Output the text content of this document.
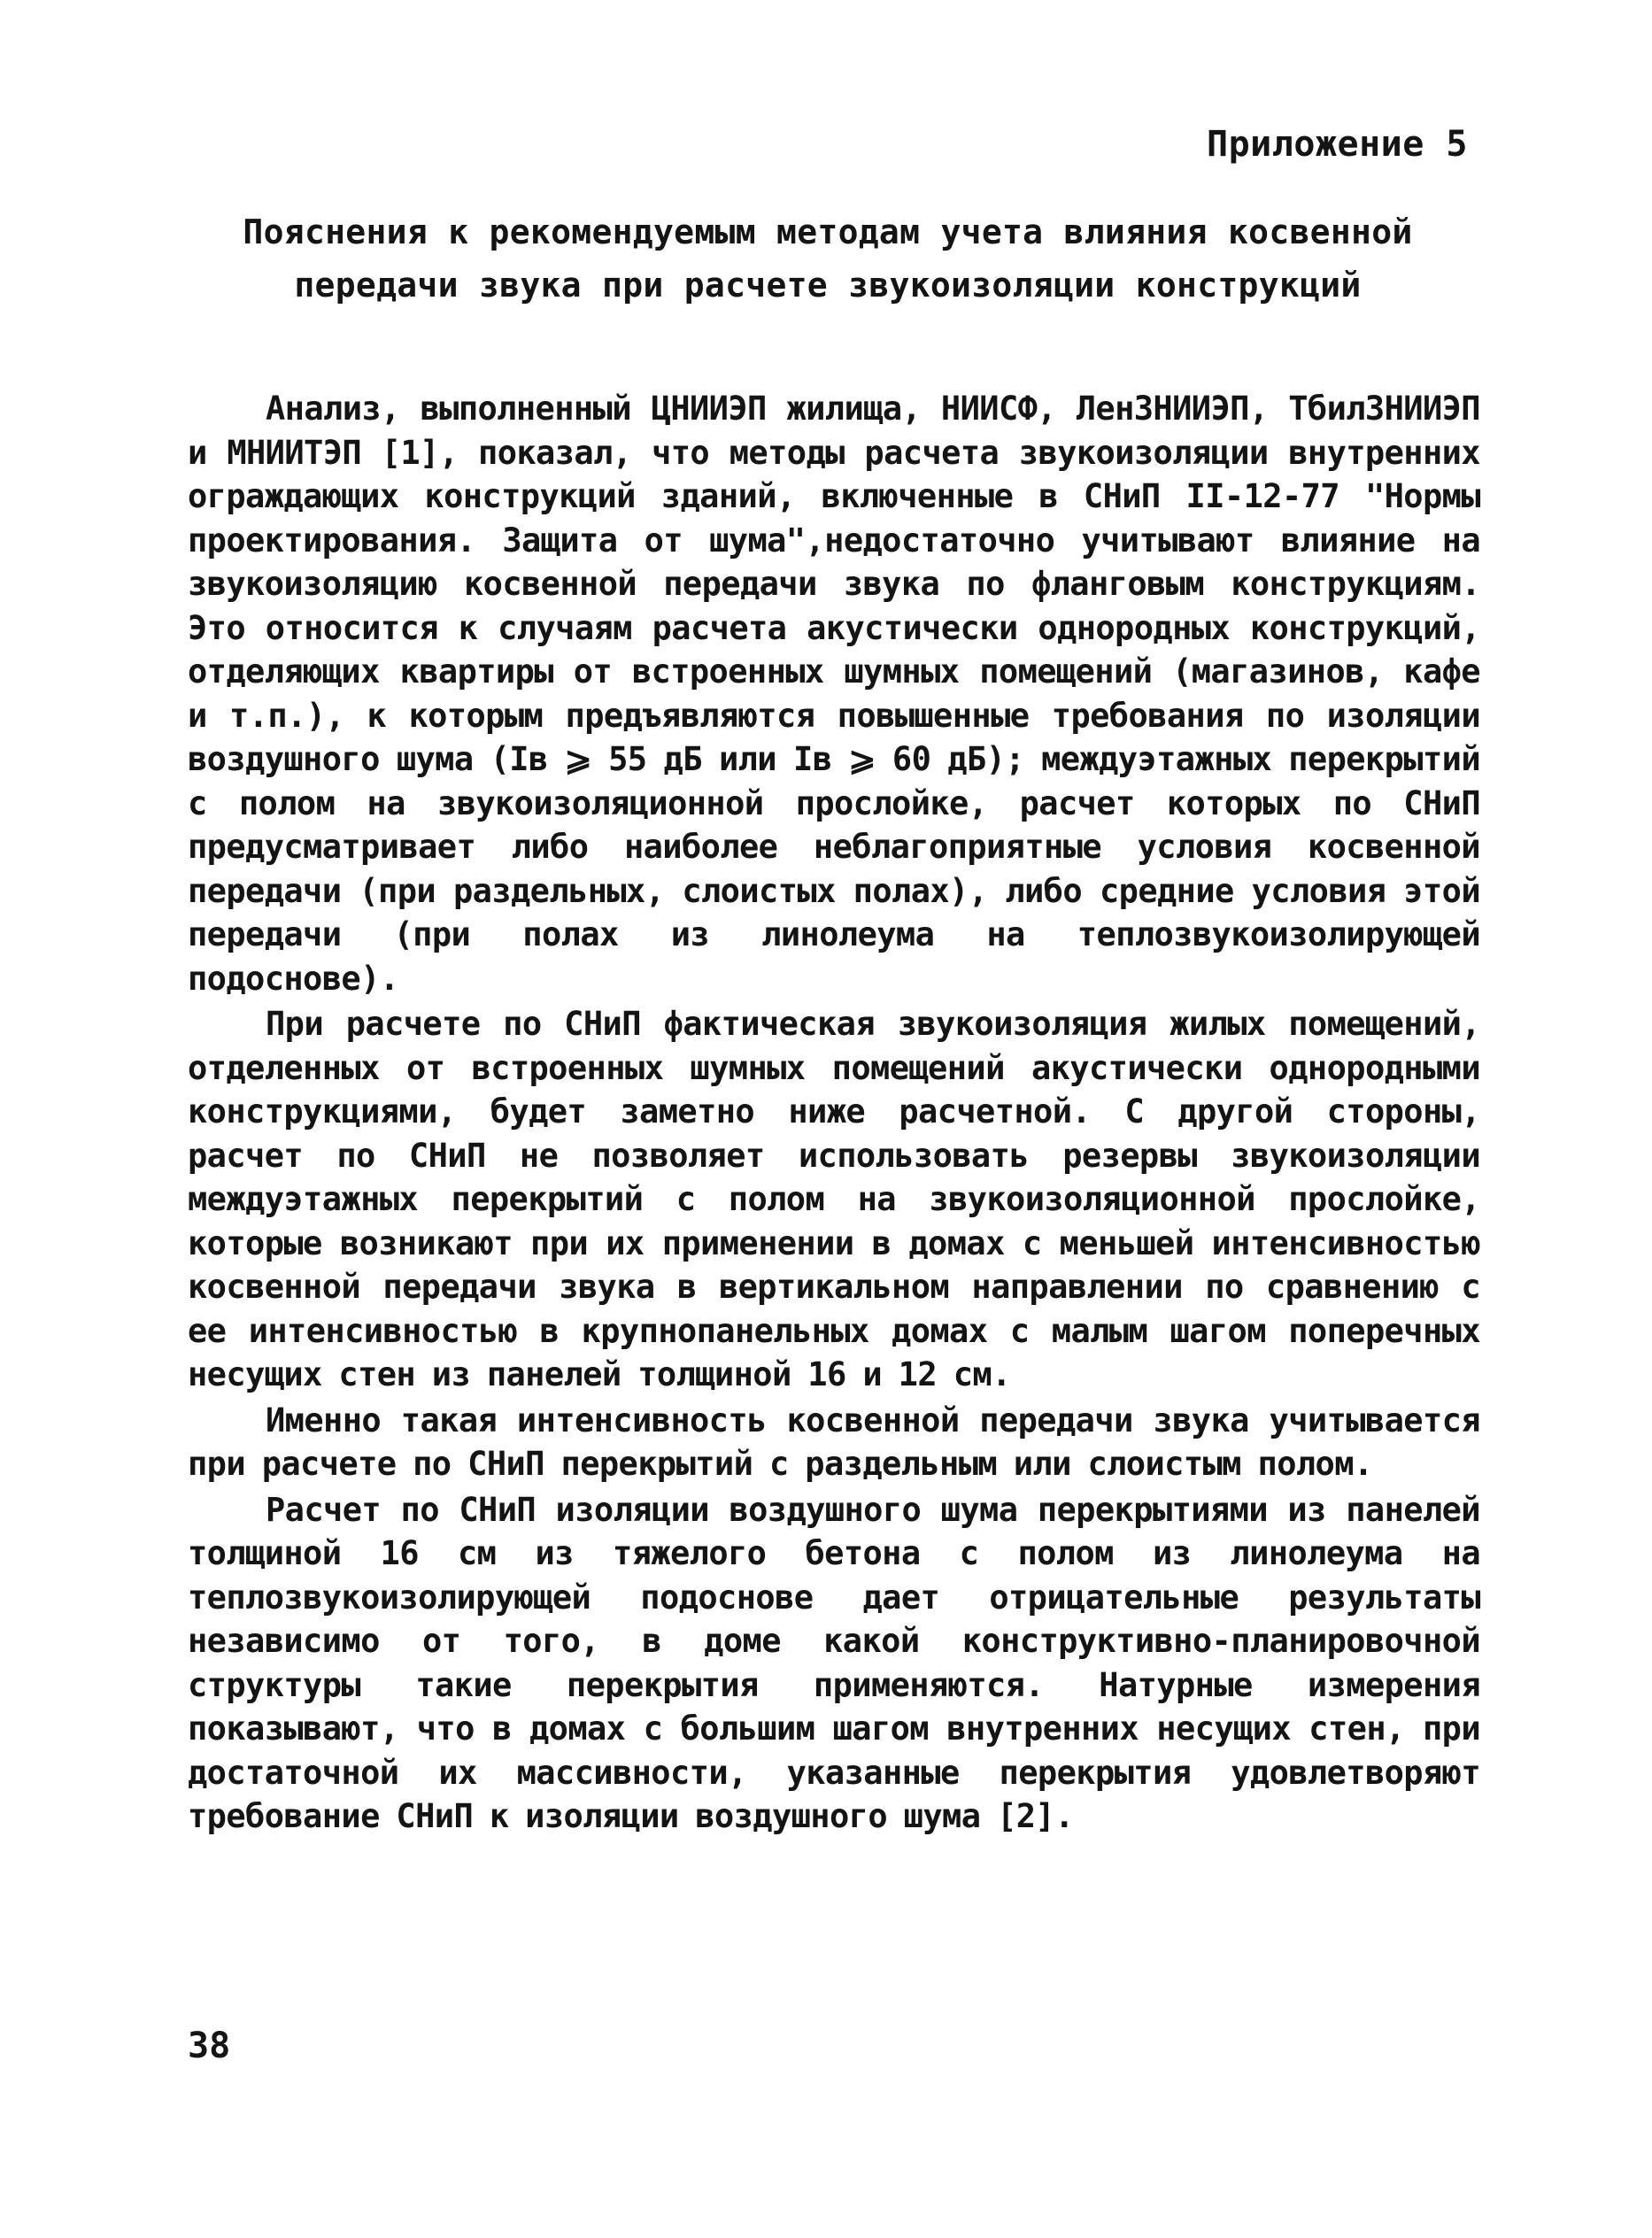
Приложение 5
Пояснения к рекомендуемым методам учета влияния косвенной
передачи звука при расчете звукоизоляции конструкций

Анализ, выполненный ЦНИИЭП жилища, НИИСФ, ЛенЗНИИЭП, ТбилЗНИИЭП и МНИИТЭП [1], показал, что методы расчета звукоизоляции внутренних ограждающих конструкций зданий, включенные в СНиП II-12-77 "Нормы проектирования. Защита от шума",недостаточно учитывают влияние на звукоизоляцию косвенной передачи звука по фланговым конструкциям. Это относится к случаям расчета акустически однородных конструкций, отделяющих квартиры от встроенных шумных помещений (магазинов, кафе и т.п.), к которым предъявляются повышенные требования по изоляции воздушного шума (Iв ⩾ 55 дБ или Iв ⩾ 60 дБ); междуэтажных перекрытий с полом на звукоизоляционной прослойке, расчет которых по СНиП предусматривает либо наиболее неблагоприятные условия косвенной передачи (при раздельных, слоистых полах), либо средние условия этой передачи (при полах из линолеума на теплозвукоизолирующей подоснове).

При расчете по СНиП фактическая звукоизоляция жилых помещений, отделенных от встроенных шумных помещений акустически однородными конструкциями, будет заметно ниже расчетной. С другой стороны, расчет по СНиП не позволяет использовать резервы звукоизоляции междуэтажных перекрытий с полом на звукоизоляционной прослойке, которые возникают при их применении в домах с меньшей интенсивностью косвенной передачи звука в вертикальном направлении по сравнению с ее интенсивностью в крупнопанельных домах с малым шагом поперечных несущих стен из панелей толщиной 16 и 12 см.

Именно такая интенсивность косвенной передачи звука учитывается при расчете по СНиП перекрытий с раздельным или слоистым полом.

Расчет по СНиП изоляции воздушного шума перекрытиями из панелей толщиной 16 см из тяжелого бетона с полом из линолеума на теплозвукоизолирующей подоснове дает отрицательные результаты независимо от того, в доме какой конструктивно-планировочной структуры такие перекрытия применяются. Натурные измерения показывают, что в домах с большим шагом внутренних несущих стен, при достаточной их массивности, указанные перекрытия удовлетворяют требование СНиП к изоляции воздушного шума [2].

38
